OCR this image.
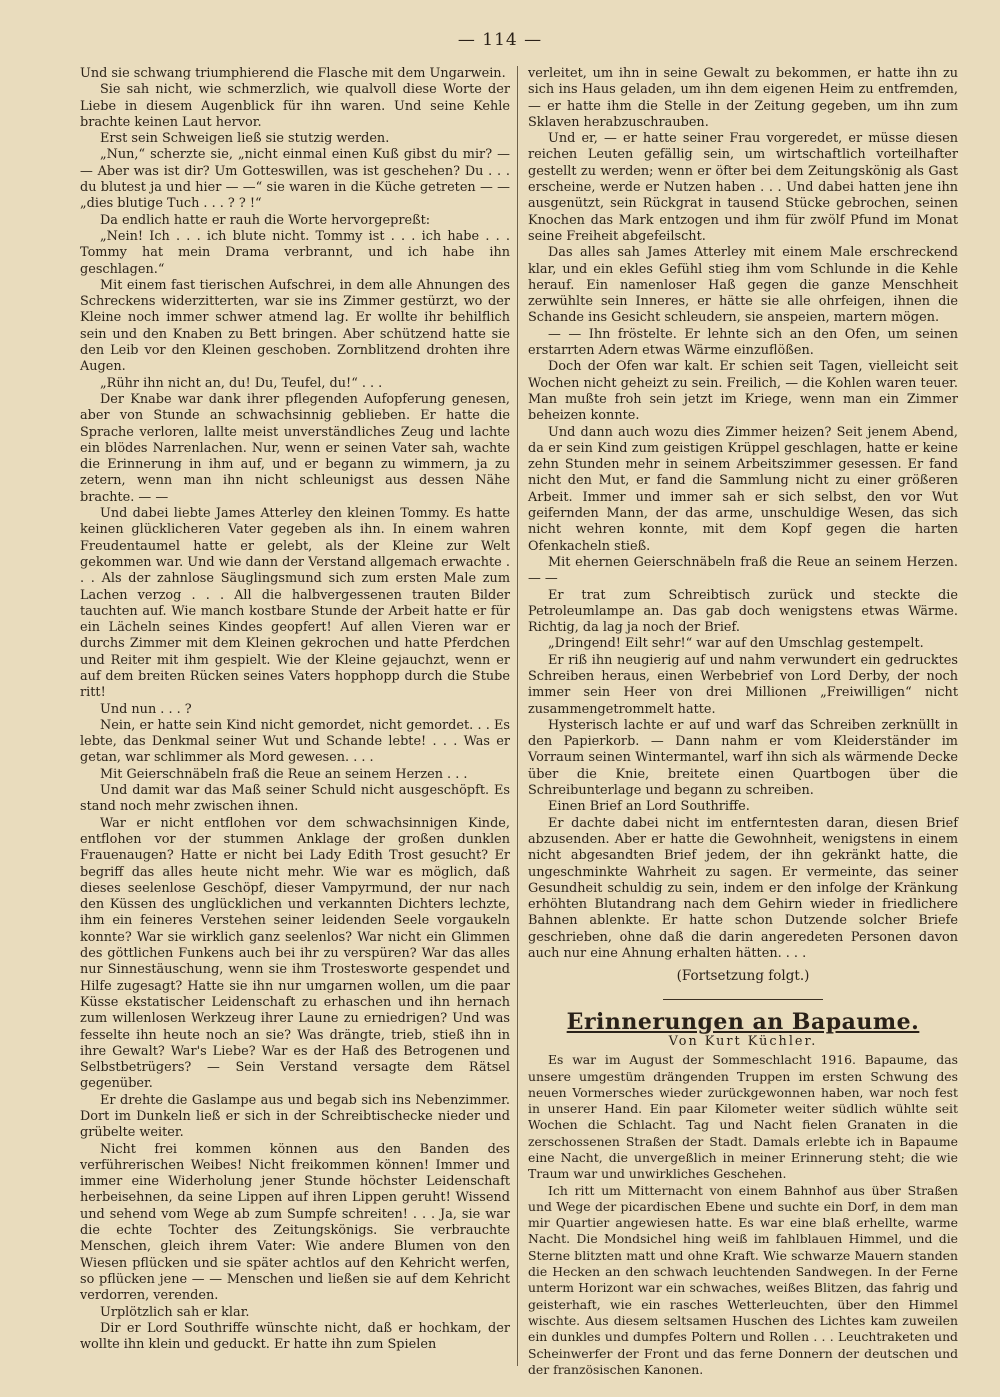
— 114 —

Und sie schwang triumphierend die Flasche mit dem Ungarwein.

Sie sah nicht, wie schmerzlich, wie qualvoll diese Worte der Liebe in diesem Augenblick für ihn waren. Und seine Kehle brachte keinen Laut hervor.

Erst sein Schweigen ließ sie stutzig werden.

„Nun,“ scherzte sie, „nicht einmal einen Kuß gibst du mir? — — Aber was ist dir? Um Gotteswillen, was ist geschehen? Du . . . du blutest ja und hier — —“ sie waren in die Küche getreten — — „dies blutige Tuch . . . ? ? !“

Da endlich hatte er rauh die Worte hervorgepreßt:

„Nein! Ich . . . ich blute nicht. Tommy ist . . . ich habe . . . Tommy hat mein Drama verbrannt, und ich habe ihn geschlagen.“

Mit einem fast tierischen Aufschrei, in dem alle Ahnungen des Schreckens widerzitterten, war sie ins Zimmer gestürzt, wo der Kleine noch immer schwer atmend lag. Er wollte ihr behilflich sein und den Knaben zu Bett bringen. Aber schützend hatte sie den Leib vor den Kleinen geschoben. Zornblitzend drohten ihre Augen.

„Rühr ihn nicht an, du! Du, Teufel, du!“ . . .

Der Knabe war dank ihrer pflegenden Aufopferung genesen, aber von Stunde an schwachsinnig geblieben. Er hatte die Sprache verloren, lallte meist unverständliches Zeug und lachte ein blödes Narrenlachen. Nur, wenn er seinen Vater sah, wachte die Erinnerung in ihm auf, und er begann zu wimmern, ja zu zetern, wenn man ihn nicht schleunigst aus dessen Nähe brachte. — —

Und dabei liebte James Atterley den kleinen Tommy. Es hatte keinen glücklicheren Vater gegeben als ihn. In einem wahren Freudentaumel hatte er gelebt, als der Kleine zur Welt gekommen war. Und wie dann der Verstand allgemach erwachte . . . Als der zahnlose Säuglingsmund sich zum ersten Male zum Lachen verzog . . . All die halbvergessenen trauten Bilder tauchten auf. Wie manch kostbare Stunde der Arbeit hatte er für ein Lächeln seines Kindes geopfert! Auf allen Vieren war er durchs Zimmer mit dem Kleinen gekrochen und hatte Pferdchen und Reiter mit ihm gespielt. Wie der Kleine gejauchzt, wenn er auf dem breiten Rücken seines Vaters hopphopp durch die Stube ritt!

Und nun . . . ?

Nein, er hatte sein Kind nicht gemordet, nicht gemordet. . . Es lebte, das Denkmal seiner Wut und Schande lebte! . . . Was er getan, war schlimmer als Mord gewesen. . . .

Mit Geierschnäbeln fraß die Reue an seinem Herzen . . .

Und damit war das Maß seiner Schuld nicht ausgeschöpft. Es stand noch mehr zwischen ihnen.

War er nicht entflohen vor dem schwachsinnigen Kinde, entflohen vor der stummen Anklage der großen dunklen Frauenaugen? Hatte er nicht bei Lady Edith Trost gesucht? Er begriff das alles heute nicht mehr. Wie war es möglich, daß dieses seelenlose Geschöpf, dieser Vampyrmund, der nur nach den Küssen des unglücklichen und verkannten Dichters lechzte, ihm ein feineres Verstehen seiner leidenden Seele vorgaukeln konnte? War sie wirklich ganz seelenlos? War nicht ein Glimmen des göttlichen Funkens auch bei ihr zu verspüren? War das alles nur Sinnestäuschung, wenn sie ihm Trostesworte gespendet und Hilfe zugesagt? Hatte sie ihn nur umgarnen wollen, um die paar Küsse ekstatischer Leidenschaft zu erhaschen und ihn hernach zum willenlosen Werkzeug ihrer Laune zu erniedrigen? Und was fesselte ihn heute noch an sie? Was drängte, trieb, stieß ihn in ihre Gewalt? War's Liebe? War es der Haß des Betrogenen und Selbstbetrügers? — Sein Verstand versagte dem Rätsel gegenüber.

Er drehte die Gaslampe aus und begab sich ins Nebenzimmer. Dort im Dunkeln ließ er sich in der Schreibtischecke nieder und grübelte weiter.

Nicht frei kommen können aus den Banden des verführerischen Weibes! Nicht freikommen können! Immer und immer eine Widerholung jener Stunde höchster Leidenschaft herbeisehnen, da seine Lippen auf ihren Lippen geruht! Wissend und sehend vom Wege ab zum Sumpfe schreiten! . . . Ja, sie war die echte Tochter des Zeitungskönigs. Sie verbrauchte Menschen, gleich ihrem Vater: Wie andere Blumen von den Wiesen pflücken und sie später achtlos auf den Kehricht werfen, so pflücken jene — — Menschen und ließen sie auf dem Kehricht verdorren, verenden.

Urplötzlich sah er klar.

Dir er Lord Southriffe wünschte nicht, daß er hochkam, der wollte ihn klein und geduckt. Er hatte ihn zum Spielen

verleitet, um ihn in seine Gewalt zu bekommen, er hatte ihn zu sich ins Haus geladen, um ihn dem eigenen Heim zu entfremden, — er hatte ihm die Stelle in der Zeitung gegeben, um ihn zum Sklaven herabzuschrauben.

Und er, — er hatte seiner Frau vorgeredet, er müsse diesen reichen Leuten gefällig sein, um wirtschaftlich vorteilhafter gestellt zu werden; wenn er öfter bei dem Zeitungskönig als Gast erscheine, werde er Nutzen haben . . . Und dabei hatten jene ihn ausgenützt, sein Rückgrat in tausend Stücke gebrochen, seinen Knochen das Mark entzogen und ihm für zwölf Pfund im Monat seine Freiheit abgefeilscht.

Das alles sah James Atterley mit einem Male erschreckend klar, und ein ekles Gefühl stieg ihm vom Schlunde in die Kehle herauf. Ein namenloser Haß gegen die ganze Menschheit zerwühlte sein Inneres, er hätte sie alle ohrfeigen, ihnen die Schande ins Gesicht schleudern, sie anspeien, martern mögen.

— — Ihn fröstelte. Er lehnte sich an den Ofen, um seinen erstarrten Adern etwas Wärme einzuflößen.

Doch der Ofen war kalt. Er schien seit Tagen, vielleicht seit Wochen nicht geheizt zu sein. Freilich, — die Kohlen waren teuer. Man mußte froh sein jetzt im Kriege, wenn man ein Zimmer beheizen konnte.

Und dann auch wozu dies Zimmer heizen? Seit jenem Abend, da er sein Kind zum geistigen Krüppel geschlagen, hatte er keine zehn Stunden mehr in seinem Arbeitszimmer gesessen. Er fand nicht den Mut, er fand die Sammlung nicht zu einer größeren Arbeit. Immer und immer sah er sich selbst, den vor Wut geifernden Mann, der das arme, unschuldige Wesen, das sich nicht wehren konnte, mit dem Kopf gegen die harten Ofenkacheln stieß.

Mit ehernen Geierschnäbeln fraß die Reue an seinem Herzen. — —

Er trat zum Schreibtisch zurück und steckte die Petroleumlampe an. Das gab doch wenigstens etwas Wärme. Richtig, da lag ja noch der Brief.

„Dringend! Eilt sehr!“ war auf den Umschlag gestempelt.

Er riß ihn neugierig auf und nahm verwundert ein gedrucktes Schreiben heraus, einen Werbebrief von Lord Derby, der noch immer sein Heer von drei Millionen „Freiwilligen“ nicht zusammengetrommelt hatte.

Hysterisch lachte er auf und warf das Schreiben zerknüllt in den Papierkorb. — Dann nahm er vom Kleiderständer im Vorraum seinen Wintermantel, warf ihn sich als wärmende Decke über die Knie, breitete einen Quartbogen über die Schreibunterlage und begann zu schreiben.

Einen Brief an Lord Southriffe.

Er dachte dabei nicht im entferntesten daran, diesen Brief abzusenden. Aber er hatte die Gewohnheit, wenigstens in einem nicht abgesandten Brief jedem, der ihn gekränkt hatte, die ungeschminkte Wahrheit zu sagen. Er vermeinte, das seiner Gesundheit schuldig zu sein, indem er den infolge der Kränkung erhöhten Blutandrang nach dem Gehirn wieder in friedlichere Bahnen ablenkte. Er hatte schon Dutzende solcher Briefe geschrieben, ohne daß die darin angeredeten Personen davon auch nur eine Ahnung erhalten hätten. . . .

(Fortsetzung folgt.)
Erinnerungen an Bapaume.
Von Kurt Küchler.

Es war im August der Sommeschlacht 1916. Bapaume, das unsere umgestüm drängenden Truppen im ersten Schwung des neuen Vormersches wieder zurückgewonnen haben, war noch fest in unserer Hand. Ein paar Kilometer weiter südlich wühlte seit Wochen die Schlacht. Tag und Nacht fielen Granaten in die zerschossenen Straßen der Stadt. Damals erlebte ich in Bapaume eine Nacht, die unvergeßlich in meiner Erinnerung steht; die wie Traum war und unwirkliches Geschehen.

Ich ritt um Mitternacht von einem Bahnhof aus über Straßen und Wege der picardischen Ebene und suchte ein Dorf, in dem man mir Quartier angewiesen hatte. Es war eine blaß erhellte, warme Nacht. Die Mondsichel hing weiß im fahlblauen Himmel, und die Sterne blitzten matt und ohne Kraft. Wie schwarze Mauern standen die Hecken an den schwach leuchtenden Sandwegen. In der Ferne unterm Horizont war ein schwaches, weißes Blitzen, das fahrig und geisterhaft, wie ein rasches Wetterleuchten, über den Himmel wischte. Aus diesem seltsamen Huschen des Lichtes kam zuweilen ein dunkles und dumpfes Poltern und Rollen . . . Leuchtraketen und Scheinwerfer der Front und das ferne Donnern der deutschen und der französischen Kanonen.
